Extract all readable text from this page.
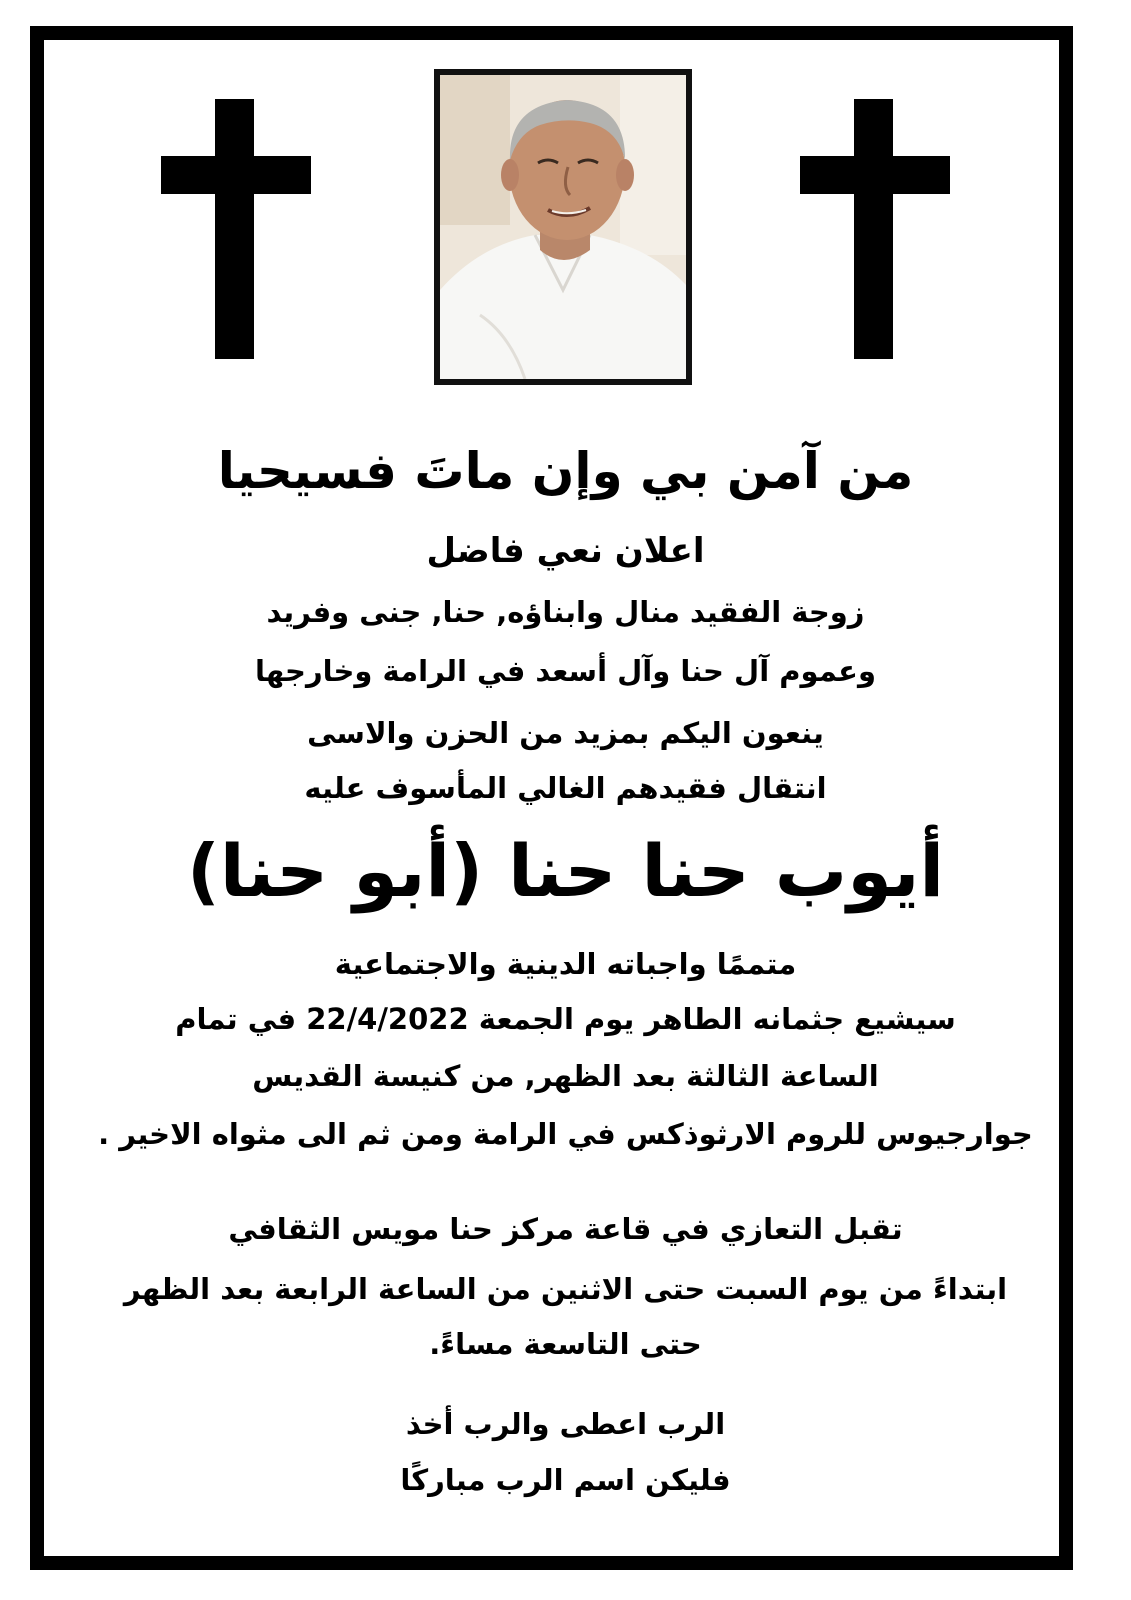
من آمن بي وإن ماتَ فسيحيا
اعلان نعي فاضل
زوجة الفقيد منال وابناؤه, حنا, جنى وفريد
وعموم آل حنا وآل أسعد في الرامة وخارجها
ينعون اليكم بمزيد من الحزن والاسى
انتقال فقيدهم الغالي المأسوف عليه
أيوب حنا حنا (أبو حنا)
متممًا واجباته الدينية والاجتماعية
سيشيع جثمانه الطاهر يوم الجمعة 22/4/2022 في تمام
الساعة الثالثة بعد الظهر, من كنيسة القديس
جوارجيوس للروم الارثوذكس في الرامة ومن ثم الى مثواه الاخير .
تقبل التعازي في قاعة مركز حنا مويس الثقافي
ابتداءً من يوم السبت حتى الاثنين من الساعة الرابعة بعد الظهر
حتى التاسعة مساءً.
الرب اعطى والرب أخذ
فليكن اسم الرب مباركًا
